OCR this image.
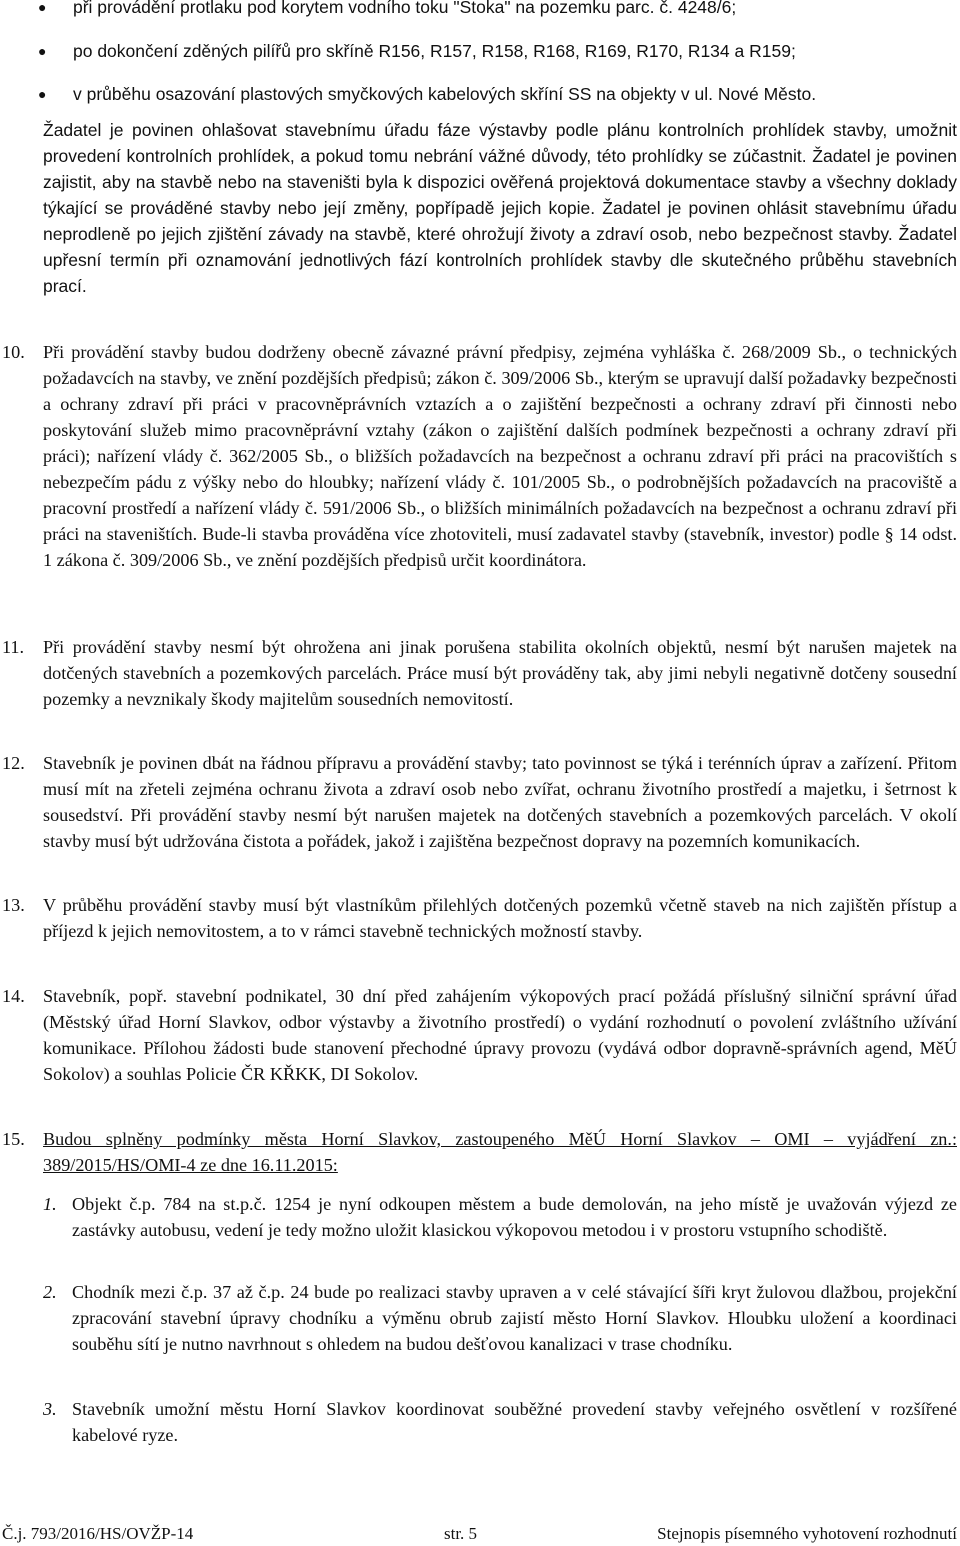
● při provádění protlaku pod korytem vodního toku "Stoka" na pozemku parc. č. 4248/6;
● po dokončení zděných pilířů pro skříně R156, R157, R158, R168, R169, R170, R134 a R159;
● v průběhu osazování plastových smyčkových kabelových skříní SS na objekty v ul. Nové Město.
Žadatel je povinen ohlašovat stavebnímu úřadu fáze výstavby podle plánu kontrolních prohlídek stavby, umožnit provedení kontrolních prohlídek, a pokud tomu nebrání vážné důvody, této prohlídky se zúčastnit. Žadatel je povinen zajistit, aby na stavbě nebo na staveništi byla k dispozici ověřená projektová dokumentace stavby a všechny doklady týkající se prováděné stavby nebo její změny, popřípadě jejich kopie. Žadatel je povinen ohlásit stavebnímu úřadu neprodleně po jejich zjištění závady na stavbě, které ohrožují životy a zdraví osob, nebo bezpečnost stavby. Žadatel upřesní termín při oznamování jednotlivých fází kontrolních prohlídek stavby dle skutečného průběhu stavebních prací.
10.	Při provádění stavby budou dodrženy obecně závazné právní předpisy, zejména vyhláška č. 268/2009 Sb., o technických požadavcích na stavby, ve znění pozdějších předpisů; zákon č. 309/2006 Sb., kterým se upravují další požadavky bezpečnosti a ochrany zdraví při práci v pracovněprávních vztazích a o zajištění bezpečnosti a ochrany zdraví při činnosti nebo poskytování služeb mimo pracovněprávní vztahy (zákon o zajištění dalších podmínek bezpečnosti a ochrany zdraví při práci); nařízení vlády č. 362/2005 Sb., o bližších požadavcích na bezpečnost a ochranu zdraví při práci na pracovištích s nebezpečím pádu z výšky nebo do hloubky; nařízení vlády č. 101/2005 Sb., o podrobnějších požadavcích na pracoviště a pracovní prostředí a nařízení vlády č. 591/2006 Sb., o bližších minimálních požadavcích na bezpečnost a ochranu zdraví při práci na staveništích. Bude-li stavba prováděna více zhotoviteli, musí zadavatel stavby (stavebník, investor) podle § 14 odst. 1 zákona č. 309/2006 Sb., ve znění pozdějších předpisů určit koordinátora.
11.	Při provádění stavby nesmí být ohrožena ani jinak porušena stabilita okolních objektů, nesmí být narušen majetek na dotčených stavebních a pozemkových parcelách. Práce musí být prováděny tak, aby jimi nebyli negativně dotčeny sousední pozemky a nevznikaly škody majitelům sousedních nemovitostí.
12.	Stavebník je povinen dbát na řádnou přípravu a provádění stavby; tato povinnost se týká i terénních úprav a zařízení. Přitom musí mít na zřeteli zejména ochranu života a zdraví osob nebo zvířat, ochranu životního prostředí a majetku, i šetrnost k sousedství. Při provádění stavby nesmí být narušen majetek na dotčených stavebních a pozemkových parcelách. V okolí stavby musí být udržována čistota a pořádek, jakož i zajištěna bezpečnost dopravy na pozemních komunikacích.
13.	V průběhu provádění stavby musí být vlastníkům přilehlých dotčených pozemků včetně staveb na nich zajištěn přístup a příjezd k jejich nemovitostem, a to v rámci stavebně technických možností stavby.
14.	Stavebník, popř. stavební podnikatel, 30 dní před zahájením výkopových prací požádá příslušný silniční správní úřad (Městský úřad Horní Slavkov, odbor výstavby a životního prostředí) o vydání rozhodnutí o povolení zvláštního užívání komunikace. Přílohou žádosti bude stanovení přechodné úpravy provozu (vydává odbor dopravně-správních agend, MěÚ Sokolov) a souhlas Policie ČR KŘKK, DI Sokolov.
15.	Budou splněny podmínky města Horní Slavkov, zastoupeného MěÚ Horní Slavkov – OMI – vyjádření zn.: 389/2015/HS/OMI-4 ze dne 16.11.2015:
1. Objekt č.p. 784 na st.p.č. 1254 je nyní odkoupen městem a bude demolován, na jeho místě je uvažován výjezd ze zastávky autobusu, vedení je tedy možno uložit klasickou výkopovou metodou i v prostoru vstupního schodiště.
2. Chodník mezi č.p. 37 až č.p. 24 bude po realizaci stavby upraven a v celé stávající šíři kryt žulovou dlažbou, projekční zpracování stavební úpravy chodníku a výměnu obrub zajistí město Horní Slavkov. Hloubku uložení a koordinaci souběhu sítí je nutno navrhnout s ohledem na budou dešťovou kanalizaci v trase chodníku.
3. Stavebník umožní městu Horní Slavkov koordinovat souběžné provedení stavby veřejného osvětlení v rozšířené kabelové ryze.
Č.j. 793/2016/HS/OVŽP-14	str. 5	Stejnopis písemného vyhotovení rozhodnutí
